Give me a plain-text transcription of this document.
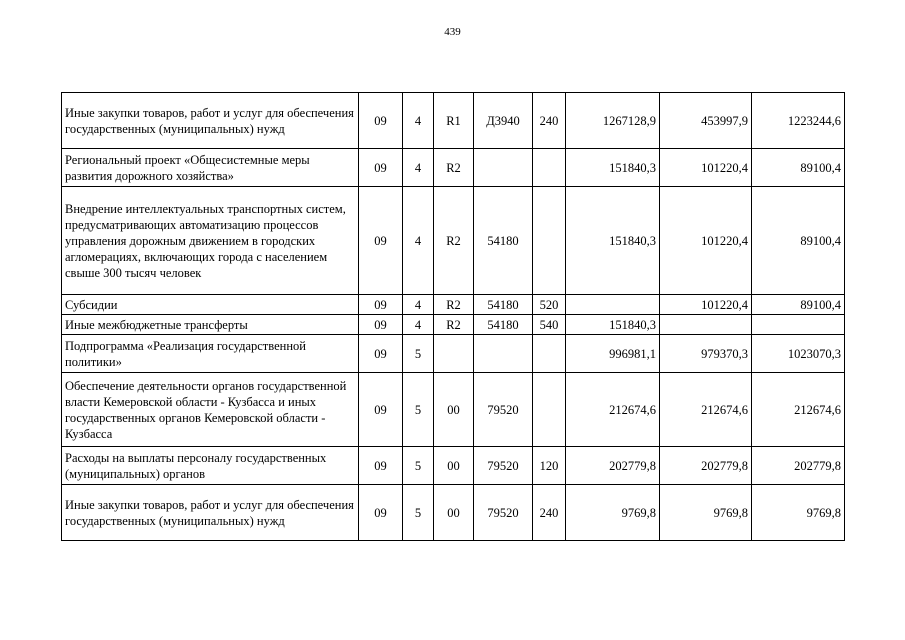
439
Иные закупки товаров, работ и услуг для обеспечения государственных (муниципальных) нужд	09	4	R1	Д3940	240	1267128,9	453997,9	1223244,6
Региональный проект «Общесистемные меры развития дорожного хозяйства»	09	4	R2			151840,3	101220,4	89100,4
Внедрение интеллектуальных транспортных систем, предусматривающих автоматизацию процессов управления дорожным движением в городских агломерациях, включающих города с населением свыше 300 тысяч человек	09	4	R2	54180		151840,3	101220,4	89100,4
Субсидии	09	4	R2	54180	520		101220,4	89100,4
Иные межбюджетные трансферты	09	4	R2	54180	540	151840,3		
Подпрограмма «Реализация государственной политики»	09	5				996981,1	979370,3	1023070,3
Обеспечение деятельности органов государственной власти Кемеровской области - Кузбасса и иных государственных органов Кемеровской области - Кузбасса	09	5	00	79520		212674,6	212674,6	212674,6
Расходы на выплаты персоналу государственных (муниципальных) органов	09	5	00	79520	120	202779,8	202779,8	202779,8
Иные закупки товаров, работ и услуг для обеспечения государственных (муниципальных) нужд	09	5	00	79520	240	9769,8	9769,8	9769,8
